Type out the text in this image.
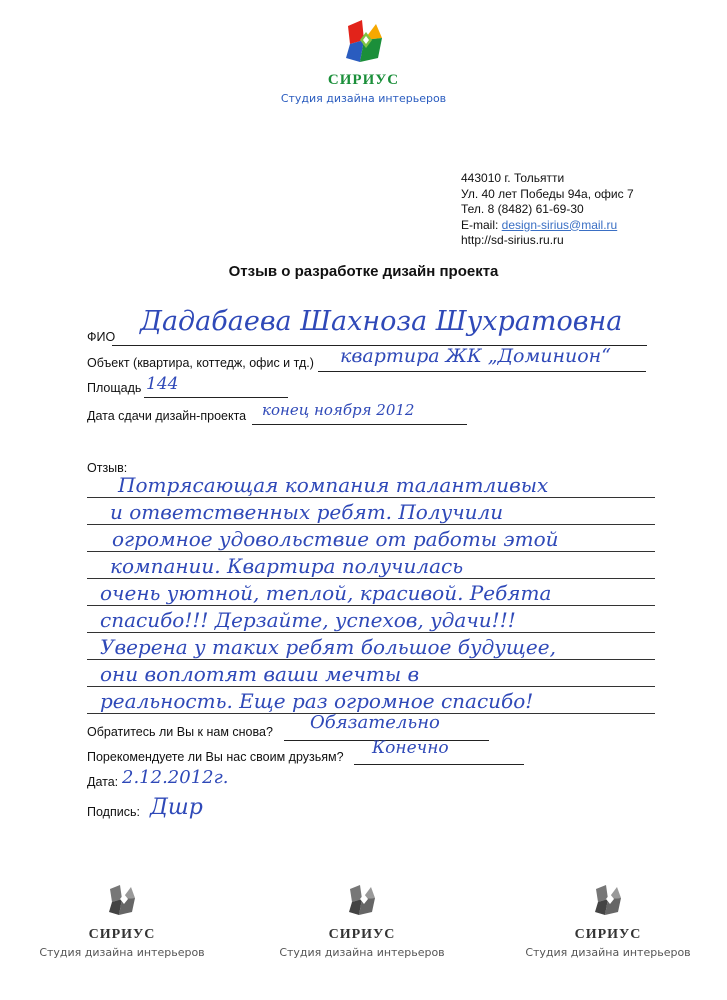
СИРИУС
Студия дизайна интерьеров
443010 г. Тольятти
Ул. 40 лет Победы 94а, офис 7
Тел. 8 (8482) 61-69-30
E-mail: design-sirius@mail.ru
http://sd-sirius.ru.ru
Отзыв о разработке дизайн проекта
ФИО Дадабаева Шахноза Шухратовна
Объект (квартира, коттедж, офис и тд.) квартира ЖК „Доминион“
Площадь 144
Дата сдачи дизайн-проекта конец ноября 2012
Отзыв:
Потрясающая компания талантливых
и ответственных ребят. Получили
огромное удовольствие от работы этой
компании. Квартира получилась
очень уютной, теплой, красивой. Ребята
спасибо!!! Дерзайте, успехов, удачи!!!
Уверена у таких ребят большое будущее,
они воплотят ваши мечты в
реальность. Еще раз огромное спасибо!
Обратитесь ли Вы к нам снова? Обязательно
Порекомендуете ли Вы нас своим друзьям? Конечно
Дата: 2.12.2012г.
Подпись: Дшр
СИРИУС
Студия дизайна интерьеров
СИРИУС
Студия дизайна интерьеров
СИРИУС
Студия дизайна интерьеров
